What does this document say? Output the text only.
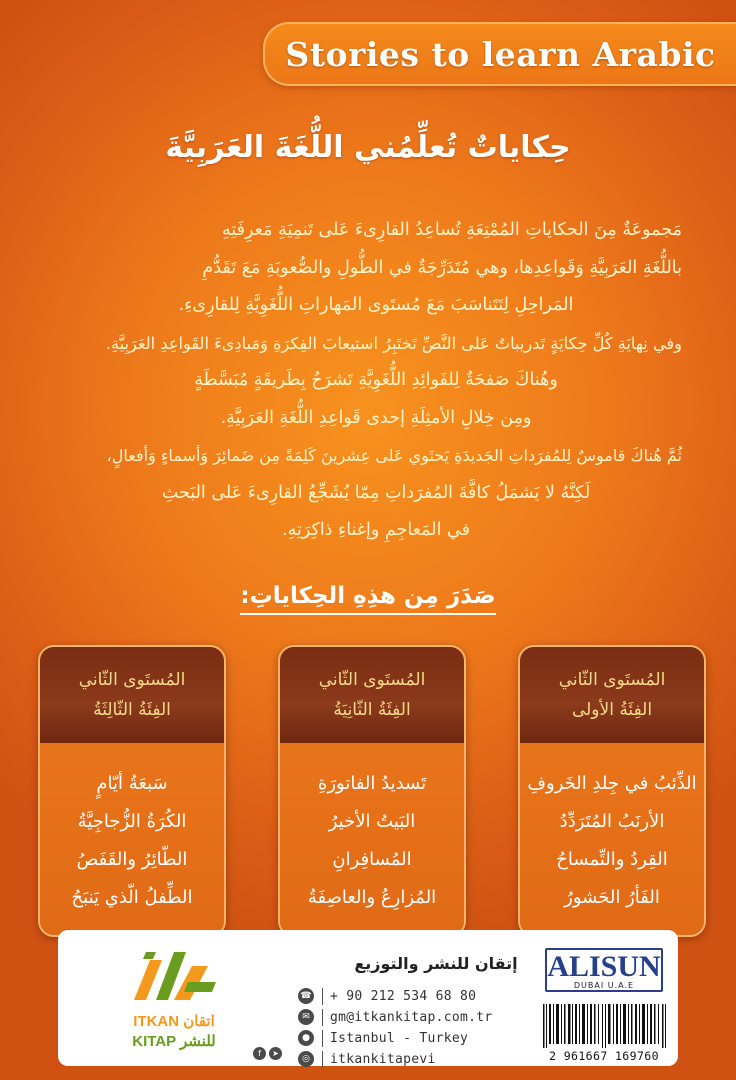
Stories to learn Arabic
حِكاياتٌ تُعلِّمُني اللُّغَةَ العَرَبِيَّةَ

مَجموعَةٌ مِنَ الحكاياتِ المُمْتِعَةِ تُساعِدُ القارِىءَ عَلى تَنمِيَةِ مَعرِفَتِهِ

باللُّغَةِ العَرَبِيَّةِ وَقَواعِدِها، وهي مُتَدَرِّجَةٌ في الطُّولِ والصُّعوبَةِ مَعَ تَقَدُّمِ

المَراحِلِ لِتَتَناسَبَ مَعَ مُستَوى المَهاراتِ اللُّغَوِيَّةِ لِلقارِىءِ.

وفي نِهايَةِ كُلِّ حِكايَةٍ تَدريباتٌ عَلى النَّصِّ تَختَبِرُ استيعابَ الفِكرَةِ وَمَبادِىءَ القَواعِدِ العَرَبِيَّةِ.

وهُناكَ صَفحَةٌ لِلفَوائِدِ اللُّغَوِيَّةِ تَشرَحُ بِطَريقَةٍ مُبَسَّطَةٍ

ومِن خِلالِ الأمثِلَةِ إحدى قَواعِدِ اللُّغَةِ العَرَبِيَّةِ.

ثُمَّ هُناكَ قاموسٌ لِلمُفرَداتِ الجَديدَةِ يَحتَوي عَلى عِشرينَ كَلِمَةً مِن ضَمائِرَ وَأسماءٍ وَأفعالٍ،

لَكِنَّهُ لا يَشمَلُ كافَّةَ المُفرَداتِ مِمّا يُشَجِّعُ القارِىءَ عَلى البَحثِ

في المَعاجِمِ وإغناءِ ذاكِرَتِهِ.

صَدَرَ مِن هذِهِ الحِكاياتِ:
المُستَوى الثّاني
الفِئَةُ الأولى
الذِّئبُ في جِلدِ الخَروفِ
الأرنَبُ المُتَرَدِّدُ
القِردُ والتِّمساحُ
الفَأرُ الحَشورُ
المُستَوى الثّاني
الفِئَةُ الثّانِيَةُ
تَسديدُ الفاتورَةِ
البَيتُ الأخيرُ
المُسافِرانِ
المُزارِعُ والعاصِفَةُ
المُستَوى الثّاني
الفِئَةُ الثّالِثَةُ
سَبعَةُ أيّامٍ
الكُرَةُ الزُّجاجِيَّةُ
الطّائِرُ والقَفَصُ
الطِّفلُ الّذي يَنبَحُ
ITKAN اتقان
KITAP للنشر
إتقان للنشر والتوزيع
☎ + 90 212 534 68 80
✉	gm@itkankitap.com.tr
●	Istanbul - Turkey
◎	itkankitapevi
f	➤
ALISUN
DUBAI U.A.E
2 961667 169760
